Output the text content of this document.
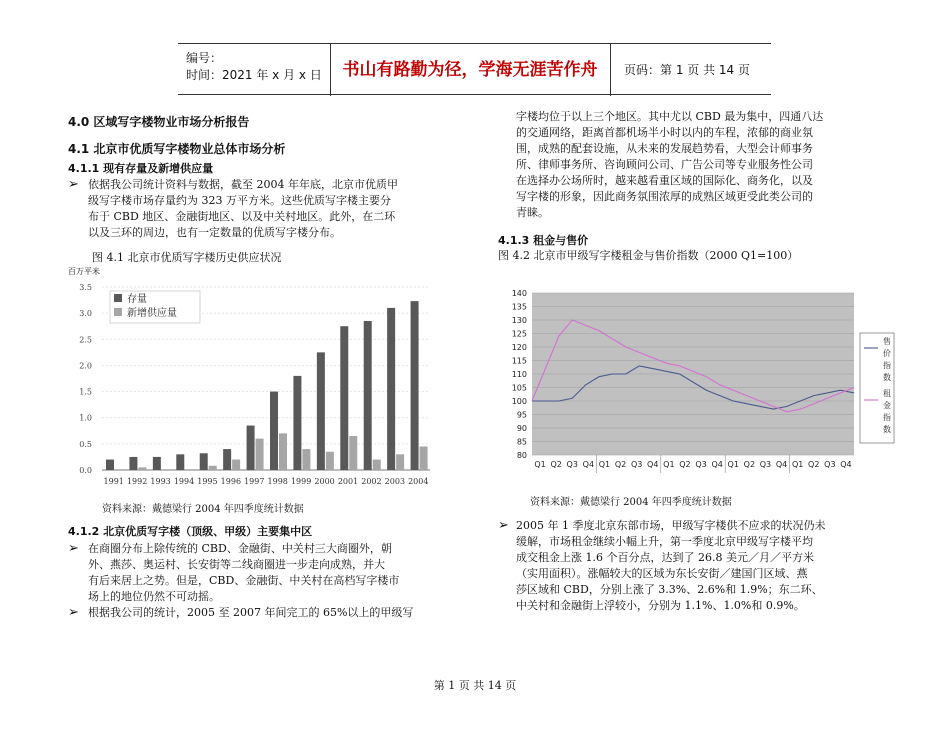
编号：
时间：2021 年 x 月 x 日	书山有路勤为径，学海无涯苦作舟	页码：第 1 页 共 14 页
4.0 区域写字楼物业市场分析报告
4.1 北京市优质写字楼物业总体市场分析
4.1.1 现有存量及新增供应量
➢ 依据我公司统计资料与数据，截至 2004 年年底，北京市优质甲
级写字楼市场存量约为 323 万平方米。这些优质写字楼主要分
布于 CBD 地区、金融街地区、以及中关村地区。此外，在二环
以及三环的周边，也有一定数量的优质写字楼分布。
图 4.1 北京市优质写字楼历史供应状况
百万平米
0.0
0.5
1.0
1.5
2.0
2.5
3.0
3.5
1991 1992 1993 1994 1995 1996 1997 1998 1999 2000 2001 2002 2003 2004
存量
新增供应量
资料来源：戴德梁行 2004 年四季度统计数据
4.1.2 北京优质写字楼（顶级、甲级）主要集中区
➢ 在商圈分布上除传统的 CBD、金融街、中关村三大商圈外，朝
外、燕莎、奥运村、长安街等二线商圈进一步走向成熟，并大
有后来居上之势。但是，CBD、金融街、中关村在高档写字楼市
场上的地位仍然不可动摇。
➢ 根据我公司的统计，2005 至 2007 年间完工的 65%以上的甲级写
字楼均位于以上三个地区。其中尤以 CBD 最为集中，四通八达
的交通网络，距离首都机场半小时以内的车程，浓郁的商业氛
围，成熟的配套设施，从未来的发展趋势看，大型会计师事务
所、律师事务所、咨询顾问公司、广告公司等专业服务性公司
在选择办公场所时，越来越看重区域的国际化、商务化，以及
写字楼的形象，因此商务氛围浓厚的成熟区域更受此类公司的
青睐。
4.1.3 租金与售价
图 4.2 北京市甲级写字楼租金与售价指数（2000 Q1=100）
80
85
90
95
100
105
110
115
120
125
130
135
140
Q1 Q2 Q3 Q4 Q1 Q2 Q3 Q4 Q1 Q2 Q3 Q4 Q1 Q2 Q3 Q4 Q1 Q2 Q3 Q4
售
价
指
数
租
金
指
数
资料来源：戴德梁行 2004 年四季度统计数据
➢ 2005 年 1 季度北京东部市场，甲级写字楼供不应求的状况仍未
缓解，市场租金继续小幅上升，第一季度北京甲级写字楼平均
成交租金上涨 1.6 个百分点，达到了 26.8 美元／月／平方米
（实用面积）。涨幅较大的区域为东长安街／建国门区域、燕
莎区域和 CBD，分别上涨了 3.3%、2.6%和 1.9%；东二环、
中关村和金融街上浮较小，分别为 1.1%、1.0%和 0.9%。
第 1 页 共 14 页
